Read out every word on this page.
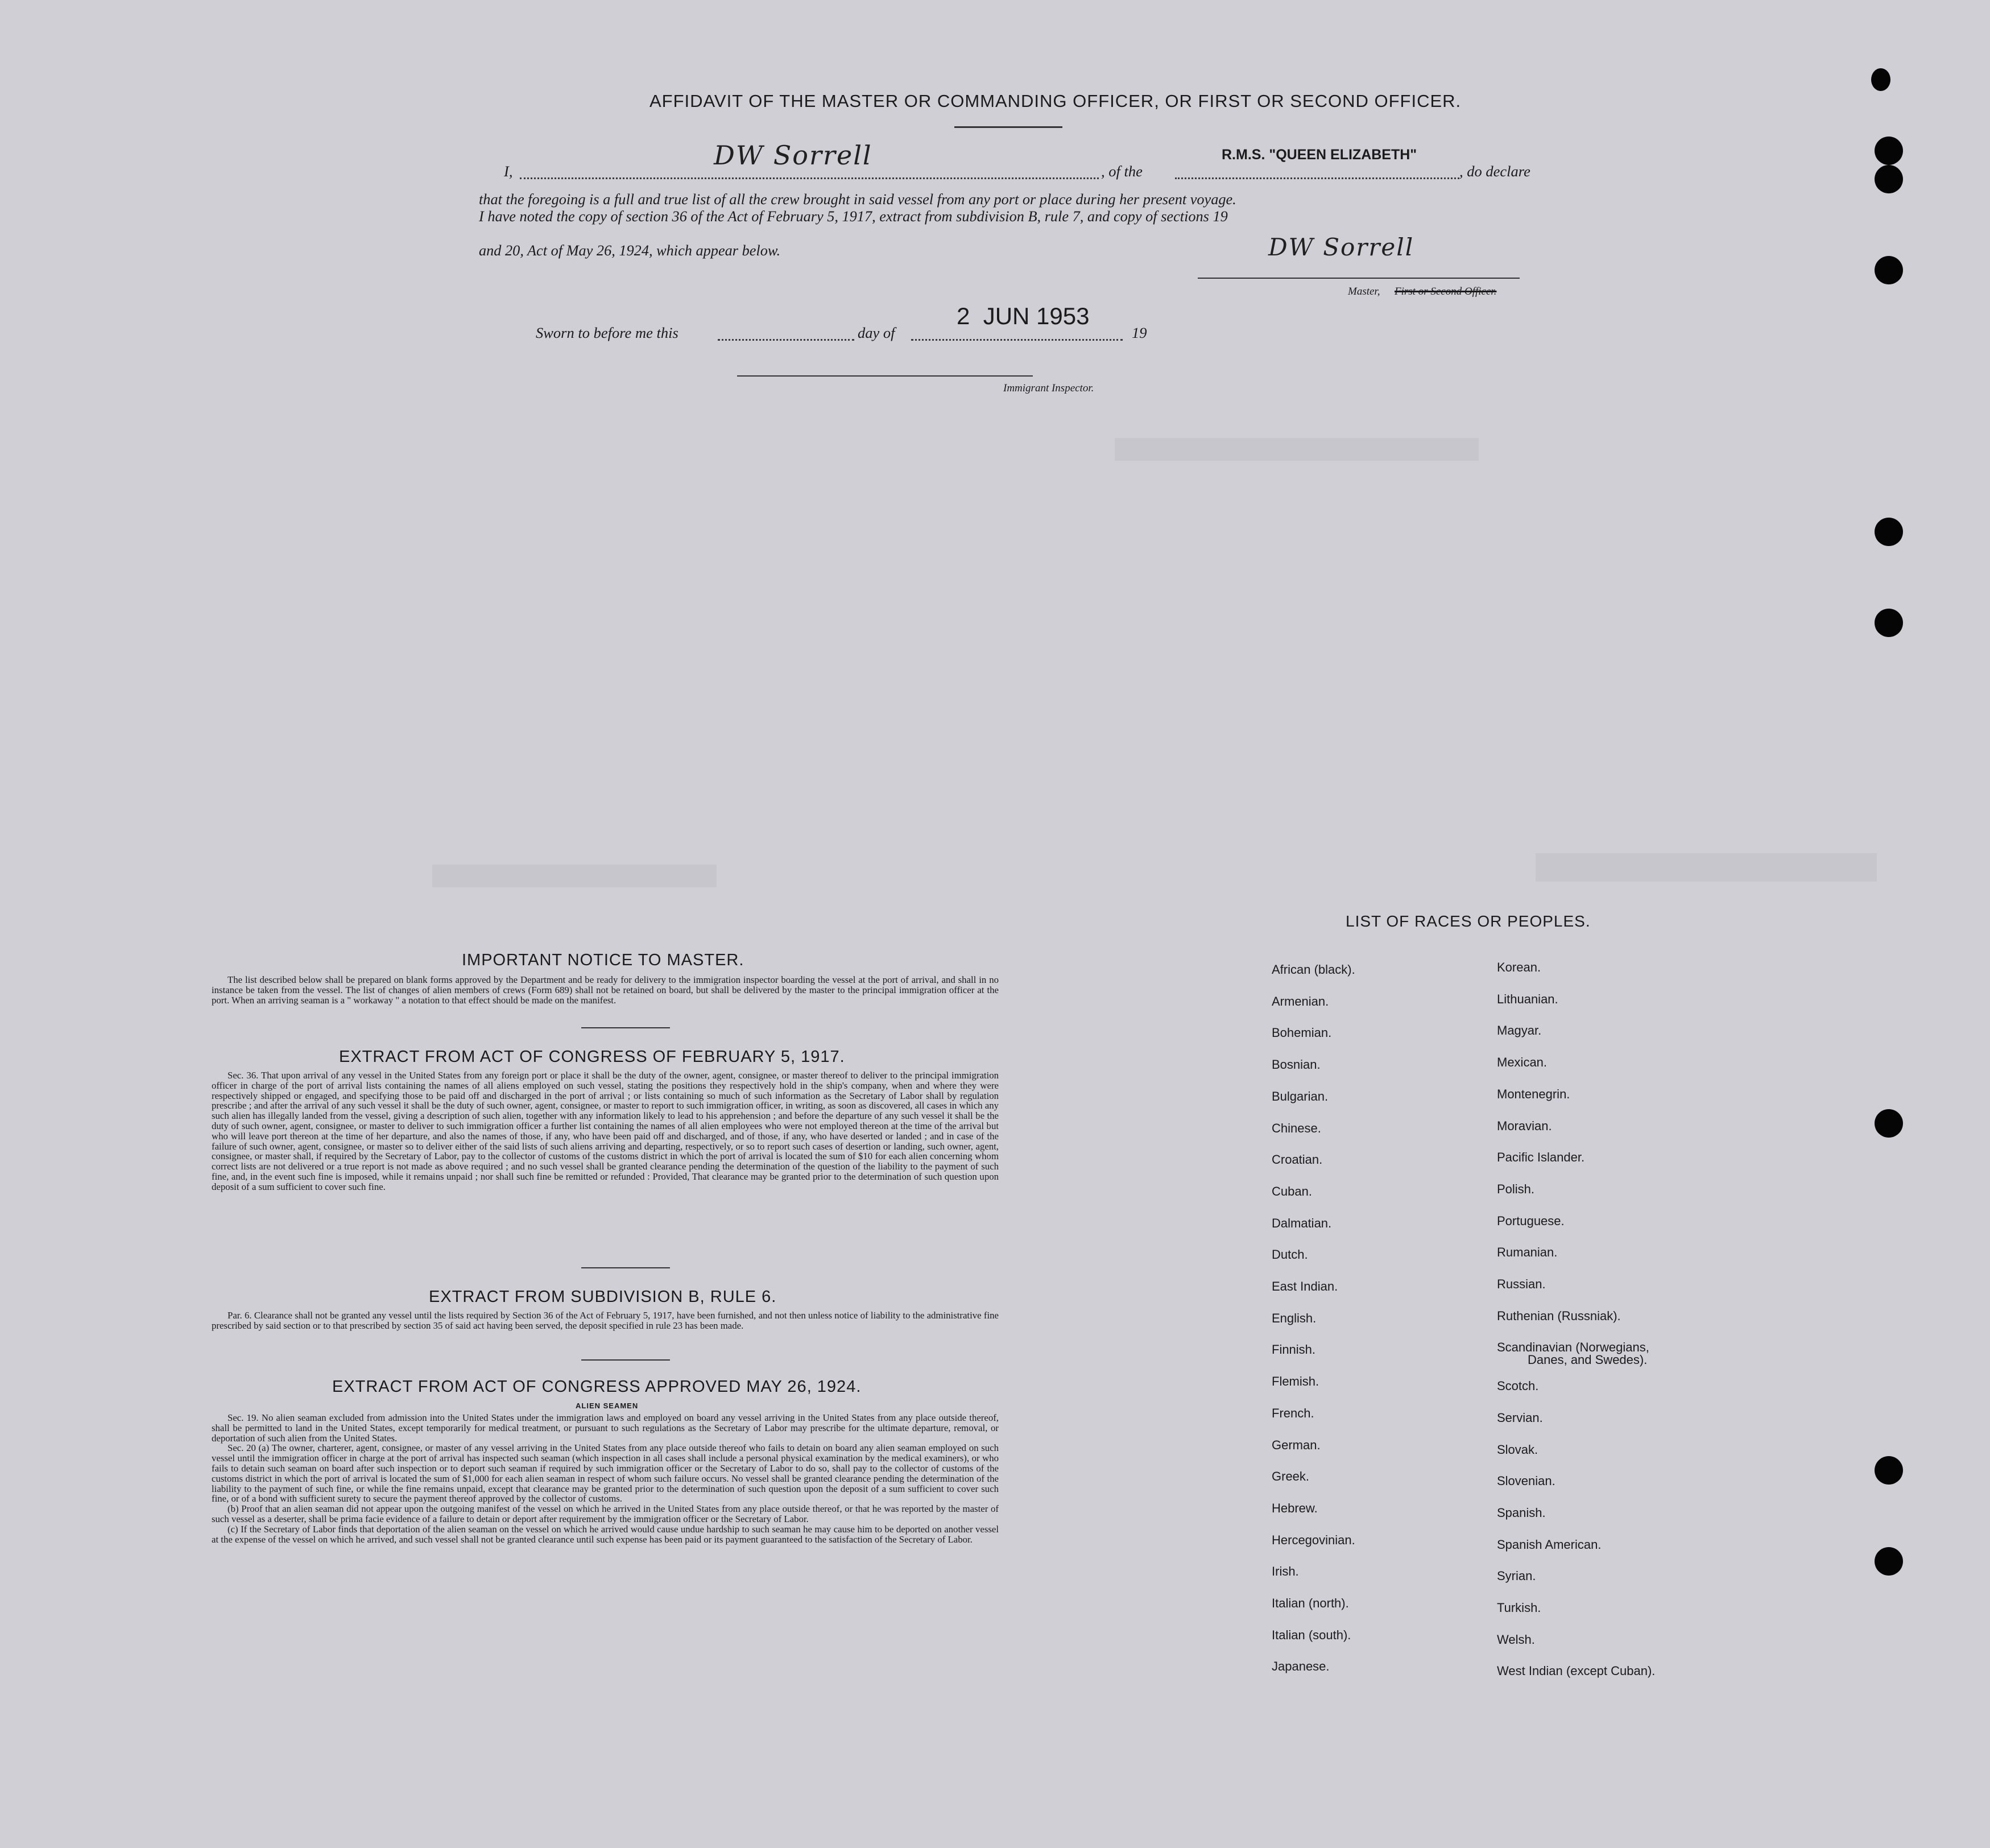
AFFIDAVIT OF THE MASTER OR COMMANDING OFFICER, OR FIRST OR SECOND OFFICER.
I,
DW Sorrell
, of the
R.M.S. "QUEEN ELIZABETH"
, do declare
that the foregoing is a full and true list of all the crew brought in said vessel from any port or place during her present voyage.
I have noted the copy of section 36 of the Act of February 5, 1917, extract from subdivision B, rule 7, and copy of sections 19
and 20, Act of May 26, 1924, which appear below.	DW Sorrell
Master, First or Second Officer.
Sworn to before me this	day of
2  JUN 1953
19
Immigrant Inspector.
IMPORTANT NOTICE TO MASTER.

The list described below shall be prepared on blank forms approved by the Department and be ready for delivery to the immigration inspector boarding the vessel at the port of arrival, and shall in no instance be taken from the vessel. The list of changes of alien members of crews (Form 689) shall not be retained on board, but shall be delivered by the master to the principal immigration officer at the port. When an arriving seaman is a " workaway " a notation to that effect should be made on the manifest.

EXTRACT FROM ACT OF CONGRESS OF FEBRUARY 5, 1917.

Sec. 36. That upon arrival of any vessel in the United States from any foreign port or place it shall be the duty of the owner, agent, consignee, or master thereof to deliver to the principal immigration officer in charge of the port of arrival lists containing the names of all aliens employed on such vessel, stating the positions they respectively hold in the ship's company, when and where they were respectively shipped or engaged, and specifying those to be paid off and discharged in the port of arrival ; or lists containing so much of such information as the Secretary of Labor shall by regulation prescribe ; and after the arrival of any such vessel it shall be the duty of such owner, agent, consignee, or master to report to such immigration officer, in writing, as soon as discovered, all cases in which any such alien has illegally landed from the vessel, giving a description of such alien, together with any information likely to lead to his apprehension ; and before the departure of any such vessel it shall be the duty of such owner, agent, consignee, or master to deliver to such immigration officer a further list containing the names of all alien employees who were not employed thereon at the time of the arrival but who will leave port thereon at the time of her departure, and also the names of those, if any, who have been paid off and discharged, and of those, if any, who have deserted or landed ; and in case of the failure of such owner, agent, consignee, or master so to deliver either of the said lists of such aliens arriving and departing, respectively, or so to report such cases of desertion or landing, such owner, agent, consignee, or master shall, if required by the Secretary of Labor, pay to the collector of customs of the customs district in which the port of arrival is located the sum of $10 for each alien concerning whom correct lists are not delivered or a true report is not made as above required ; and no such vessel shall be granted clearance pending the determination of the question of the liability to the payment of such fine, and, in the event such fine is imposed, while it remains unpaid ; nor shall such fine be remitted or refunded : Provided, That clearance may be granted prior to the determination of such question upon deposit of a sum sufficient to cover such fine.

EXTRACT FROM SUBDIVISION B, RULE 6.

Par. 6. Clearance shall not be granted any vessel until the lists required by Section 36 of the Act of February 5, 1917, have been furnished, and not then unless notice of liability to the administrative fine prescribed by said section or to that prescribed by section 35 of said act having been served, the deposit specified in rule 23 has been made.

EXTRACT FROM ACT OF CONGRESS APPROVED MAY 26, 1924.
ALIEN SEAMEN

Sec. 19. No alien seaman excluded from admission into the United States under the immigration laws and employed on board any vessel arriving in the United States from any place outside thereof, shall be permitted to land in the United States, except temporarily for medical treatment, or pursuant to such regulations as the Secretary of Labor may prescribe for the ultimate departure, removal, or deportation of such alien from the United States.

Sec. 20 (a) The owner, charterer, agent, consignee, or master of any vessel arriving in the United States from any place outside thereof who fails to detain on board any alien seaman employed on such vessel until the immigration officer in charge at the port of arrival has inspected such seaman (which inspection in all cases shall include a personal physical examination by the medical examiners), or who fails to detain such seaman on board after such inspection or to deport such seaman if required by such immigration officer or the Secretary of Labor to do so, shall pay to the collector of customs of the customs district in which the port of arrival is located the sum of $1,000 for each alien seaman in respect of whom such failure occurs. No vessel shall be granted clearance pending the determination of the liability to the payment of such fine, or while the fine remains unpaid, except that clearance may be granted prior to the determination of such question upon the deposit of a sum sufficient to cover such fine, or of a bond with sufficient surety to secure the payment thereof approved by the collector of customs.

(b) Proof that an alien seaman did not appear upon the outgoing manifest of the vessel on which he arrived in the United States from any place outside thereof, or that he was reported by the master of such vessel as a deserter, shall be prima facie evidence of a failure to detain or deport after requirement by the immigration officer or the Secretary of Labor.

(c) If the Secretary of Labor finds that deportation of the alien seaman on the vessel on which he arrived would cause undue hardship to such seaman he may cause him to be deported on another vessel at the expense of the vessel on which he arrived, and such vessel shall not be granted clearance until such expense has been paid or its payment guaranteed to the satisfaction of the Secretary of Labor.

LIST OF RACES OR PEOPLES.
Danes, and Swedes).
African (black).
Armenian.
Bohemian.
Bosnian.
Bulgarian.
Chinese.
Croatian.
Cuban.
Dalmatian.
Dutch.
East Indian.
English.
Finnish.
Flemish.
French.
German.
Greek.
Hebrew.
Hercegovinian.
Irish.
Italian (north).
Italian (south).
Japanese.
Korean.
Lithuanian.
Magyar.
Mexican.
Montenegrin.
Moravian.
Pacific Islander.
Polish.
Portuguese.
Rumanian.
Russian.
Ruthenian (Russniak).
Scandinavian (Norwegians,
Scotch.
Servian.
Slovak.
Slovenian.
Spanish.
Spanish American.
Syrian.
Turkish.
Welsh.
West Indian (except Cuban).
